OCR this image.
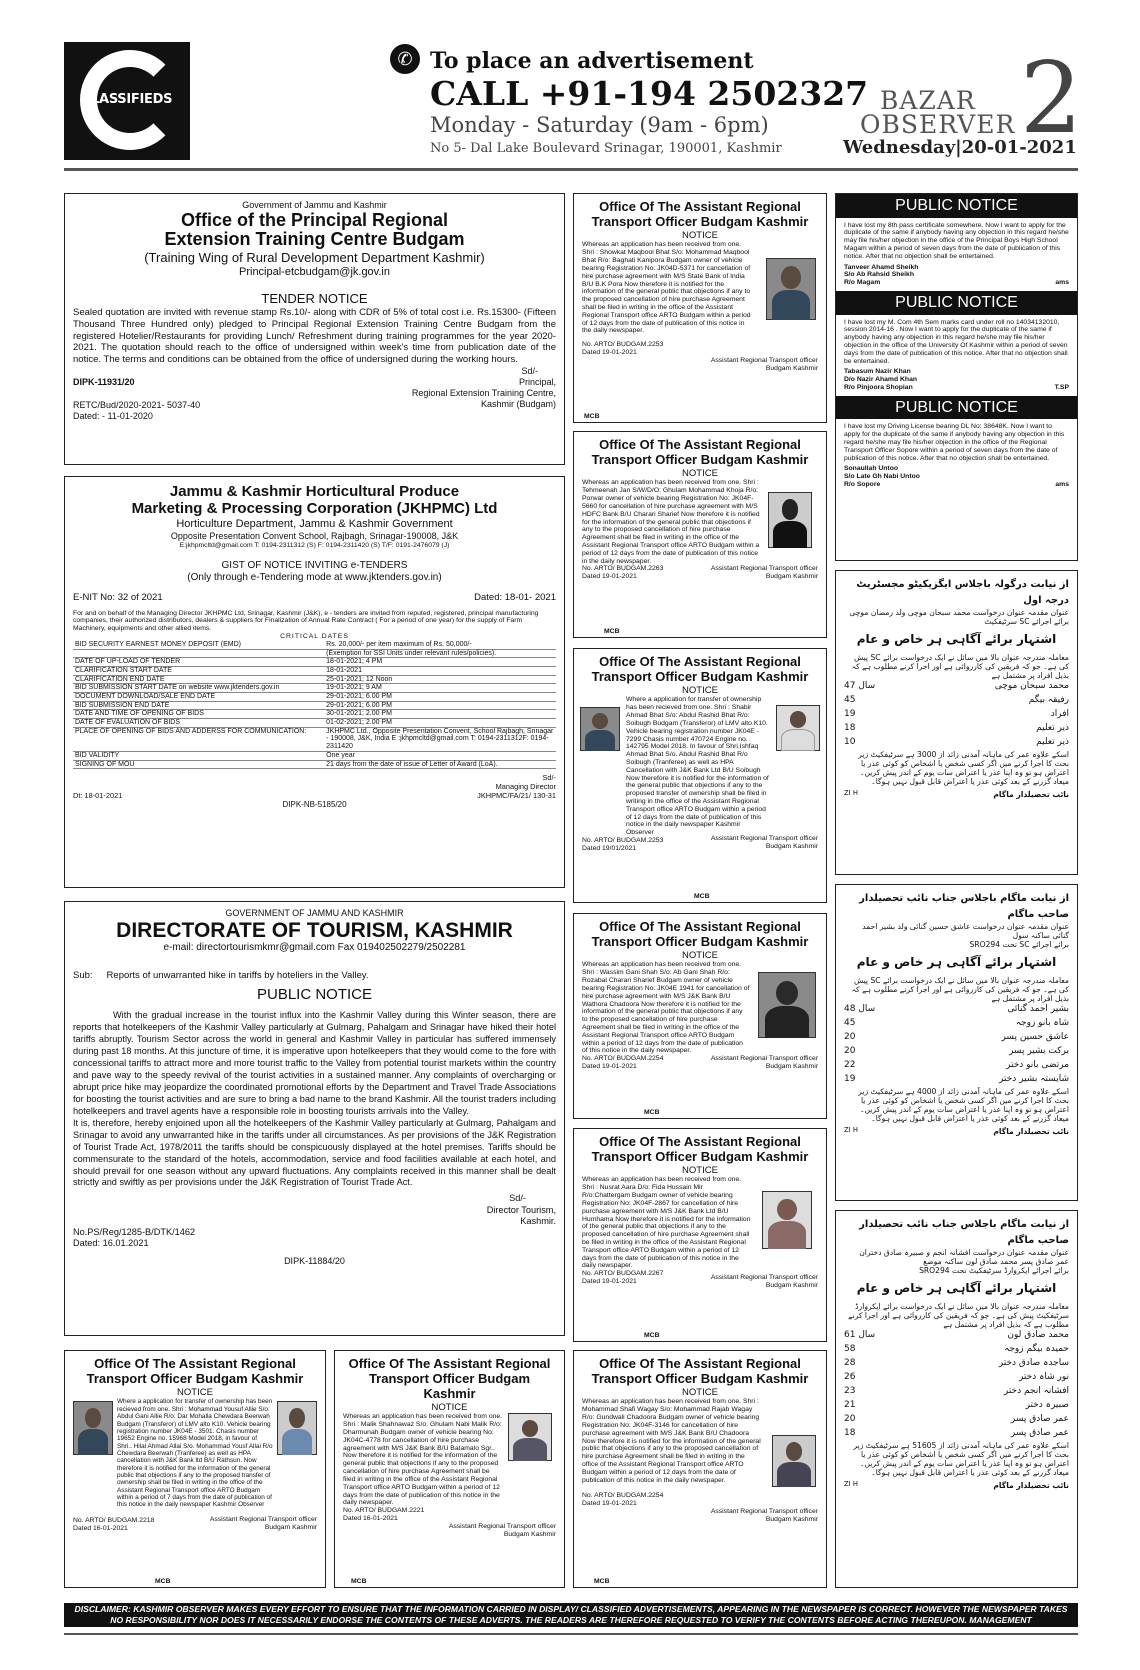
CLASSIFIEDS
✆ To place an advertisement
CALL +91-194 2502327
Monday - Saturday (9am - 6pm)
No 5- Dal Lake Boulevard Srinagar, 190001, Kashmir
BAZAR
OBSERVER 2
Wednesday|20-01-2021

Government of Jammu and Kashmir

Office of the Principal Regional

Extension Training Centre Budgam

(Training Wing of Rural Development Department Kashmir)

Principal-etcbudgam@jk.gov.in

TENDER NOTICE

Sealed quotation are invited with revenue stamp Rs.10/- along with CDR of 5% of total cost i.e. Rs.15300- (Fifteen Thousand Three Hundred only) pledged to Principal Regional Extension Training Centre Budgam from the registered Hotelier/Restaurants for providing Lunch/ Refreshment during training programmes for the year 2020-2021. The quotation should reach to the office of undersigned within week's time from publication date of the notice. The terms and conditions can be obtained from the office of undersigned during the working hours.

Sd/-

DIPK-11931/20	Principal,

Regional Extension Training Centre,

Kashmir (Budgam)

RETC/Bud/2020-2021- 5037-40

Dated: - 11-01-2020

Jammu & Kashmir Horticultural Produce

Marketing & Processing Corporation (JKHPMC) Ltd

Horticulture Department, Jammu & Kashmir Government

Opposite Presentation Convent School, Rajbagh, Srinagar-190008, J&K

E:jkhpmcltd@gmail.com T: 0194-2311312 (S) F: 0194-2311420 (S) T/F: 0191-2476079 (J)

GIST OF NOTICE INVITING e-TENDERS

(Only through e-Tendering mode at www.jktenders.gov.in)

E-NIT No: 32 of 2021	Dated: 18-01- 2021

For and on behalf of the Managing Director JKHPMC Ltd, Srinagar, Kashmir (J&K), e - tenders are invited from reputed, registered, principal manufacturing companies, their authorized distributors, dealers & suppliers for Finalization of Annual Rate Contract ( For a period of one year) for the supply of Farm Machinery, equipments and other allied items.

CRITICAL DATES

BID SECURITY EARNEST MONEY DEPOSIT (EMD)	Rs. 20,000/- per item maximum of Rs. 50,000/-
	(Exemption for SSI Units under relevant rules/policies).
DATE OF UP-LOAD OF TENDER	18-01-2021; 4 PM
CLARIFICATION START DATE	18-01-2021
CLARIFICATION END DATE	25-01-2021; 12 Noon
BID SUBMISSION START DATE on website www.jktenders.gov.in	19-01-2021; 9 AM
DOCUMENT DOWNLOAD/SALE END DATE	29-01-2021; 6.00 PM
BID SUBMISSION END DATE	29-01-2021; 6.00 PM
DATE AND TIME OF OPENING OF BIDS	30-01-2021; 2.00 PM
DATE OF EVALUATION OF BIDS	01-02-2021; 2.00 PM
PLACE OF OPENING OF BIDS AND ADDERSS FOR COMMUNICATION:	JKHPMC Ltd., Opposite Presentation Convent, School Rajbagh, Srinagar - 190008, J&K, India E :jkhpmcltd@gmail.com T: 0194-2311312F: 0194-2311420
BID VALIDITY	One year
SIGNING OF MOU	21 days from the date of issue of Letter of Award (LoA).

Sd/-

Managing Director

Dt: 18-01-2021	JKHPMC/FA/21/ 130-31

DIPK-NB-5185/20

GOVERNMENT OF JAMMU AND KASHMIR

DIRECTORATE OF TOURISM, KASHMIR

e-mail: directortourismkmr@gmail.com Fax 019402502279/2502281

Sub: Reports of unwarranted hike in tariffs by hoteliers in the Valley.

PUBLIC NOTICE

With the gradual increase in the tourist influx into the Kashmir Valley during this Winter season, there are reports that hotelkeepers of the Kashmir Valley particularly at Gulmarg, Pahalgam and Srinagar have hiked their hotel tariffs abruptly. Tourism Sector across the world in general and Kashmir Valley in particular has suffered immensely during past 18 months. At this juncture of time, it is imperative upon hotelkeepers that they would come to the fore with concessional tariffs to attract more and more tourist traffic to the Valley from potential tourist markets within the country and pave way to the speedy revival of the tourist activities in a sustained manner. Any complaints of overcharging or abrupt price hike may jeopardize the coordinated promotional efforts by the Department and Travel Trade Associations for boosting the tourist activities and are sure to bring a bad name to the brand Kashmir. All the tourist traders including hotelkeepers and travel agents have a responsible role in boosting tourists arrivals into the Valley.

It is, therefore, hereby enjoined upon all the hotelkeepers of the Kashmir Valley particularly at Gulmarg, Pahalgam and Srinagar to avoid any unwarranted hike in the tariffs under all circumstances. As per provisions of the J&K Registration of Tourist Trade Act, 1978/2011 the tariffs should be conspicuously displayed at the hotel premises. Tariffs should be commensurate to the standard of the hotels, accommodation, service and food facilities available at each hotel, and should prevail for one season without any upward fluctuations. Any complaints received in this manner shall be dealt strictly and swiftly as per provisions under the J&K Registration of Tourist Trade Act.

Sd/-

Director Tourism,

Kashmir.

No.PS/Reg/1285-B/DTK/1462

Dated: 16.01.2021

DIPK-11884/20

Office Of The Assistant Regional

Transport Officer Budgam Kashmir

NOTICE

Whereas an application has been received from one. Shri : Showkat Maqbool Bhat S/o: Mohammad Maqbool Bhat R/o: Baghati Kanipora Budgam owner of vehicle bearing Registration No: JK04D-5371 for cancellation of hire purchase agreement with M/S State Bank of India B/U B.K Pora Now therefore it is notified for the information of the general public that objections if any to the proposed cancellation of hire purchase Agreement shall be filed in writing in the office of the Assistant Regional Transport office ARTO Budgam within a period of 12 days from the date of publication of this notice in the daily newspaper.

No. ARTO/ BUDGAM.2253

Dated 19-01-2021

Assistant Regional Transport officer Budgam Kashmir

MCB

Office Of The Assistant Regional

Transport Officer Budgam Kashmir

NOTICE

Whereas an application has been received from one. Shri : Tehmeenah Jan S/W/D/O: Ghulam Mohammad Khoja R/o: Porwar owner of vehicle bearing Registration No: JK04F- 5660 for cancellation of hire purchase agreement with M/S HDFC Bank B/U Charari Sharief Now therefore it is notified for the information of the general public that objections if any to the proposed cancellation of hire purchase Agreement shall be filed in writing in the office of the Assistant Regional Transport office ARTO Budgam within a period of 12 days from the date of publication of this notice in the daily newspaper.

No. ARTO/ BUDGAM.2263

Dated 19-01-2021

Assistant Regional Transport officer Budgam Kashmir

MCB

Office Of The Assistant Regional

Transport Officer Budgam Kashmir

NOTICE

Where a application for transfer of ownership has been recieved from one. Shri : Shabir Ahmad Bhat S/o: Abdul Rashid Bhat R/o: Soibugh Budgam (Transferor) of LMV alto K10. Vehicle bearing registration number JK04E - 7299 Chasis number 470724 Engine no. 142795 Model 2018. In favour of Shri.Ishfaq Ahmad Bhat S/o. Abdul Rashid Bhat R/o Soibugh (Tranferee) as well as HPA Cancellation with J&K Bank Ltd B/U Soibugh Now therefore it is notified for the information of the general public that objections if any to the proposed transfer of ownership shall be filed in writing in the office of the Assistant Regional Transport office ARTO Budgam within a period of 12 days from the date of publication of this notice in the daily newspaper Kashmir Observer

No. ARTO/ BUDGAM.2253

Dated 19/01/2021

Assistant Regional Transport officer Budgam Kashmir

MCB

Office Of The Assistant Regional

Transport Officer Budgam Kashmir

NOTICE

Whereas an application has been received from one. Shri : Wassim Gani Shah S/o: Ab Gani Shah R/o: Rozabal Charari Sharief Budgam owner of vehicle bearing Registration No: JK04E 1941 for cancellation of hire purchase agreement with M/S J&K Bank B/U Wathora Chadoora Now therefore it is notified for the information of the general public that objections if any to the proposed cancellation of hire purchase Agreement shall be filed in writing in the office of the Assistant Regional Transport office ARTO Budgam within a period of 12 days from the date of publication of this notice in the daily newspaper.

No. ARTO/ BUDGAM.2254

Dated 19-01-2021

Assistant Regional Transport officer Budgam Kashmir

MCB

Office Of The Assistant Regional

Transport Officer Budgam Kashmir

NOTICE

Whereas an application has been received from one. Shri : Nusrat Aara D/o: Fida Hussain Mir R/o:Chattergam Budgam owner of vehicle bearing Registration No: JK04F-2867 for cancellation of hire purchase agreement with M/S J&K Bank Ltd B/U Humhama Now therefore it is notified for the information of the general public that objections if any to the proposed cancellation of hire purchase Agreement shall be filed in writing in the office of the Assistant Regional Transport office ARTO Budgam within a period of 12 days from the date of publication of this notice in the daily newspaper.

No. ARTO/ BUDGAM.2267

Dated 19-01-2021

Assistant Regional Transport officer Budgam Kashmir

MCB

Office Of The Assistant Regional

Transport Officer Budgam Kashmir

NOTICE

Whereas an application has been received from one. Shri : Mohammad Shafi Wagay S/o: Mohammad Rajab Wagay R/o: Gundwali Chadoora Budgam owner of vehicle bearing Registration No: JK04F-3146 for cancellation of hire purchase agreement with M/S J&K Bank B/U Chadoora Now therefore it is notified for the information of the general public that objections if any to the proposed cancellation of hire purchase Agreement shall be filed in writing in the office of the Assistant Regional Transport office ARTO Budgam within a period of 12 days from the date of publication of this notice in the daily newspaper.

No. ARTO/ BUDGAM.2254

Dated 19-01-2021

Assistant Regional Transport officer Budgam Kashmir

MCB

Office Of The Assistant Regional

Transport Officer Budgam Kashmir

NOTICE

Where a application for transfer of ownership has been recieved from one. Shri : Mohammad Yousuf Allie S/o: Abdul Gani Allie R/o: Dar Mohalla Chewdara Beerwah Budgam (Transferor) of LMV alto K10. Vehicle bearing registration number JK04E - 3501. Chasis number 19652 Engine no. 15968 Model 2018, in favour of Shri.. Hilal Ahmad Allai S/o. Mohammad Yousf Allai R/o Chewdara Beerwah (Tranferee) as well as HPA cancellation with J&K Bank ltd B/U Rathsun. Now therefore it is notified for the information of the general public that objections if any to the proposed transfer of ownership shall be filed in writing in the office of the Assistant Regional Transport office ARTO Budgam within a period of 7 days from the date of publication of this notice in the daily newspaper Kashmir Observer

No. ARTO/ BUDGAM.2218

Dated 16-01-2021

Assistant Regional Transport officer Budgam Kashmir

MCB

Office Of The Assistant Regional

Transport Officer Budgam Kashmir

NOTICE

Whereas an application has been received from one. Shri : Malik Shahnawaz S/o: Ghulam Nabi Malik R/o: Dharmunah Budgam owner of vehicle bearing No: JK04C-4778 for cancellation of hire purchase agreement with M/S J&K Bank B/U Batamalo Sgr.. Now therefore it is notified for the information of the general public that objections if any to the proposed cancellation of hire purchase Agreement shall be filed in writing in the office of the Assistant Regional Transport office ARTO Budgam within a period of 12 days from the date of publication of this notice in the daily newspaper.

No. ARTO/ BUDGAM.2221

Dated 16-01-2021

Assistant Regional Transport officer Budgam Kashmir

MCB

PUBLIC NOTICE

I have lost my 8th pass certificate somewhere. Now I want to apply for the duplicate of the same if anybody having any objection in this regard he/she may file his/her objection in the office of the Principal Boys High School Magam within a period of seven days from the date of publication of this notice. After that no objection shall be entertained.

Tanveer Ahamd Sheikh

S/o Ab Rahsid Sheikh

R/o Magam	ams

PUBLIC NOTICE

I have lost my M. Com 4th Sem marks card under roll no 14034132010, session 2014-16 . Now I want to apply for the duplicate of the same if anybody having any objection in this regard he/she may file his/her objection in the office of the University Of Kashmir within a period of seven days from the date of publication of this notice. After that no objection shall be entertained.

Tabasum Nazir Khan

D/o Nazir Ahamd Khan

R/o Pinjoora Shopian	T.SP

PUBLIC NOTICE

I have lost my Driving License bearing DL No: 38648K. Now I want to apply for the duplicate of the same if anybody having any objection in this regard he/she may file his/her objection in the office of the Regional Transport Officer Sopore within a period of seven days from the date of publication of this notice. After that no objection shall be entertained.

Sonaullah Untoo

S/o Late Gh Nabi Untoo

R/o Sopore	ams

از نیابت درگولہ باجلاس ایگزیکیٹو مجسٹریٹ درجہ اول

عنوان مقدمہ عنوان درخواست محمد سبحان موچی ولد رمضان موچی

برائے اجرائے SC سرٹیفکیٹ

اشتہار برائے آگاہی ہر خاص و عام

معاملہ مندرجہ عنوان بالا میں سائل نے ایک درخواست برائے SC پیش کی ہے۔ جو کہ فریقین کی کارروائی ہے اور اجرا کرنے مطلوب ہے کہ بذیل افراد پر مشتمل ہے

47 سال	محمد سبحان موچی
45	رفیقہ بیگم
19	افراد
18	ذیر تعلیم
10	ذیر تعلیم

اسکے علاوہ عمر کی ماہانہ آمدنی زائد از 3000 ہے سرٹیفکیٹ زیر بحث کا اجرا کرنے میں اگر کسی شخص یا اشخاص کو کوئی عذر یا اعتراض ہو تو وہ اپنا عذر یا اعتراض سات یوم کے اندر پیش کریں۔ میعاد گزرنے کے بعد کوئی عذر یا اعتراض قابل قبول نہیں ہوگا۔

ZI H	نائب تحصیلدار ماگام

از نیابت ماگام باجلاس جناب نائب تحصیلدار صاحب ماگام

عنوان مقدمہ عنوان درخواست عاشق حسین گنائی ولد بشیر احمد گنائی ساکنہ سول

برائے اجرائے SC تحت SRO294

اشتہار برائے آگاہی ہر خاص و عام

معاملہ مندرجہ عنوان بالا میں سائل نے ایک درخواست برائے SC پیش کی ہے۔ جو کہ فریقین کی کارروائی ہے اور اجرا کرنے مطلوب ہے کہ بذیل افراد پر مشتمل ہے

48 سال	بشیر احمد گنائی
45	شاہ بانو زوجہ
20	عاشق حسین پسر
20	برکت بشیر پسر
22	مرتضی بانو دختر
19	شایستہ بشیر دختر

اسکے علاوہ عمر کی ماہانہ آمدنی زائد از 4000 ہے سرٹیفکیٹ زیر بحث کا اجرا کرنے میں اگر کسی شخص یا اشخاص کو کوئی عذر یا اعتراض ہو تو وہ اپنا عذر یا اعتراض سات یوم کے اندر پیش کریں۔ میعاد گزرنے کے بعد کوئی عذر یا اعتراض قابل قبول نہیں ہوگا۔

ZI H	نائب تحصیلدار ماگام

از نیابت ماگام باجلاس جناب نائب تحصیلدار صاحب ماگام

عنوان مقدمہ عنوان درخواست افشانہ انجم و صبیرہ صادق دختران عمر صادق پسر محمد صادق لون ساکنہ موضع

برائے اجرائے ایکروارڈ سرٹیفکیٹ تحت SRO294

اشتہار برائے آگاہی ہر خاص و عام

معاملہ مندرجہ عنوان بالا میں سائل نے ایک درخواست برائے ایکروارڈ سرٹیفکیٹ پیش کی ہے۔ جو کہ فریقین کی کارروائی ہے اور اجرا کرنے مطلوب ہے کہ بذیل افراد پر مشتمل ہے

61 سال	محمد صادق لون
58	حمیدہ بیگم زوجہ
28	ساجدہ صادق دختر
26	نور شاہ دختر
23	افشانہ انجم دختر
21	صبیرہ دختر
20	عمر صادق پسر
18	عمر صادق پسر

اسکے علاوہ عمر کی ماہانہ آمدنی زائد از 51605 ہے سرٹیفکیٹ زیر بحث کا اجرا کرنے میں اگر کسی شخص یا اشخاص کو کوئی عذر یا اعتراض ہو تو وہ اپنا عذر یا اعتراض سات یوم کے اندر پیش کریں۔ میعاد گزرنے کے بعد کوئی عذر یا اعتراض قابل قبول نہیں ہوگا۔

ZI H	نائب تحصیلدار ماگام

DISCLAIMER: KASHMIR OBSERVER MAKES EVERY EFFORT TO ENSURE THAT THE INFORMATION CARRIED IN DISPLAY/ CLASSIFIED ADVERTISEMENTS, APPEARING IN THE NEWSPAPER IS CORRECT. HOWEVER THE NEWSPAPER TAKES NO RESPONSIBILITY NOR DOES IT NECESSARILY ENDORSE THE CONTENTS OF THESE ADVERTS. THE READERS ARE THEREFORE REQUESTED TO VERIFY THE CONTENTS BEFORE ACTING THEREUPON. MANAGEMENT
